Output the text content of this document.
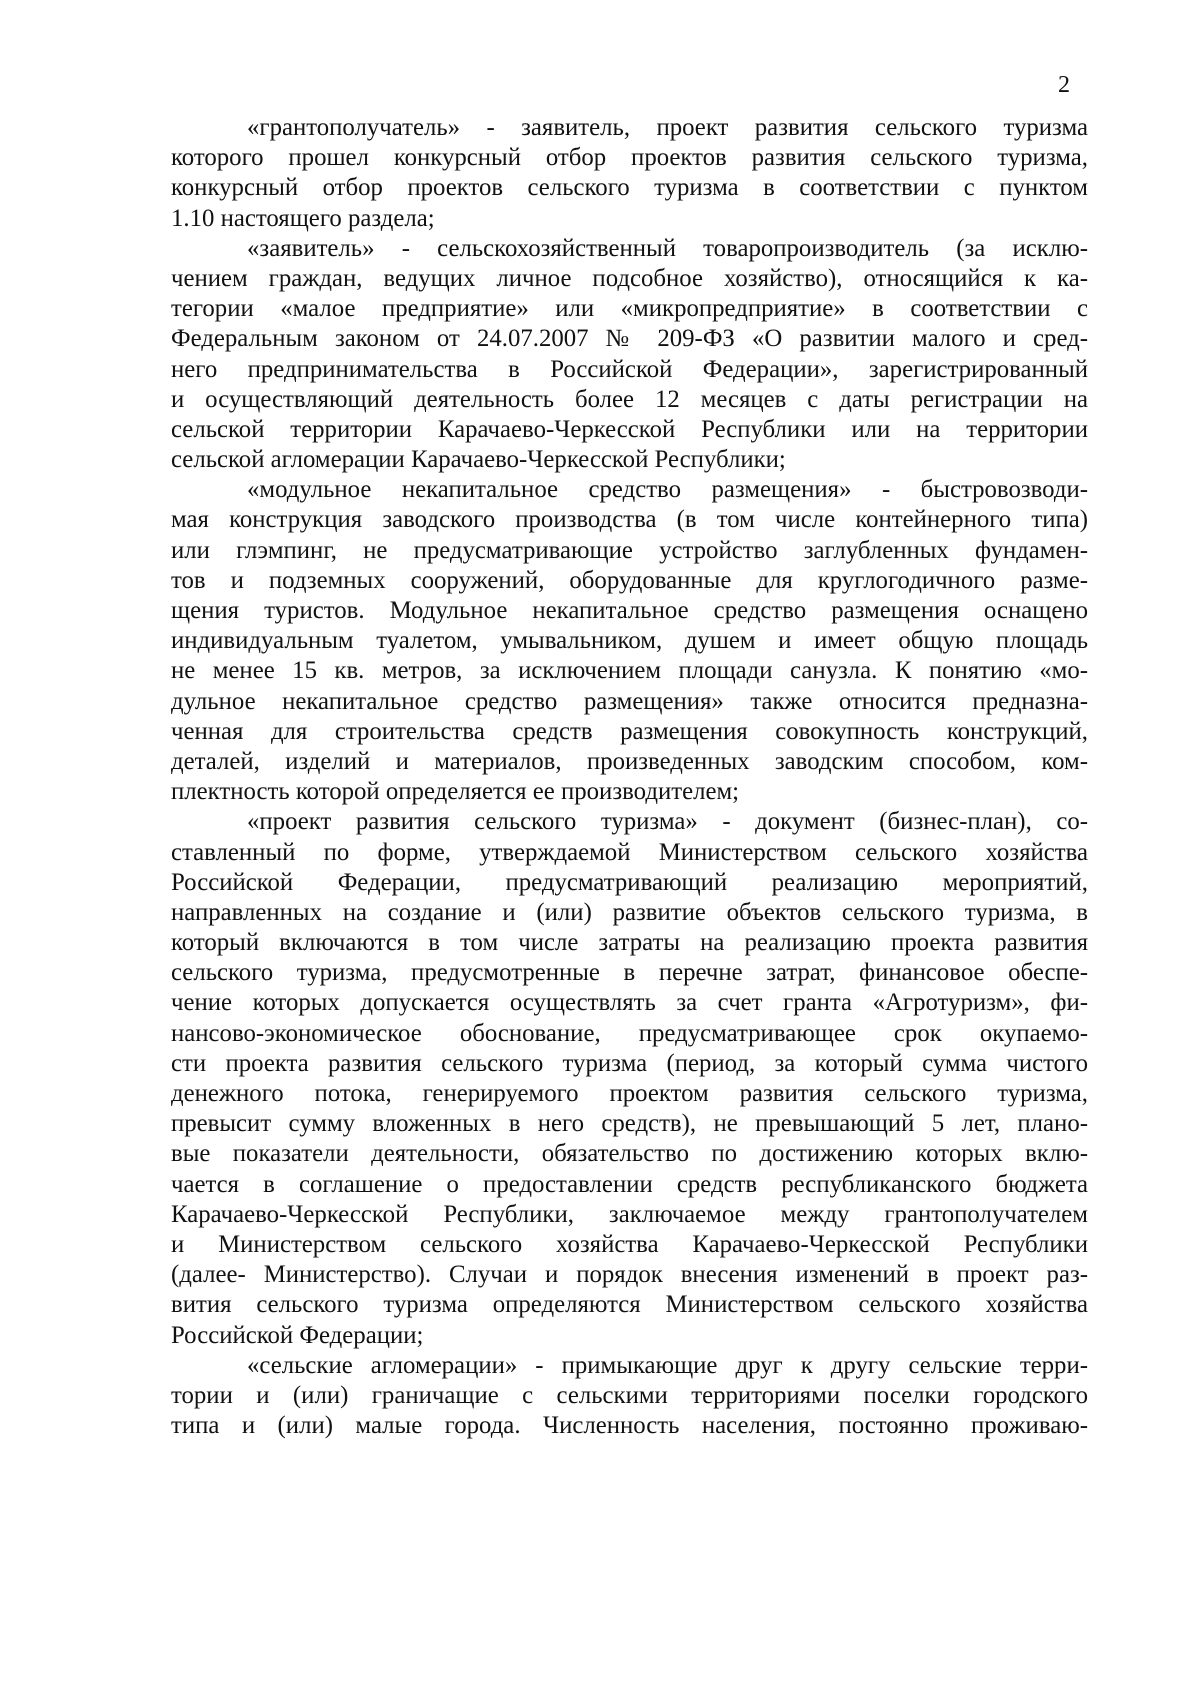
2
«грантополучатель» - заявитель, проект развития сельского туризма
которого прошел конкурсный отбор проектов развития сельского туризма,
конкурсный отбор проектов сельского туризма в соответствии с пунктом
1.10 настоящего раздела;
«заявитель» - сельскохозяйственный товаропроизводитель (за исклю-
чением граждан, ведущих личное подсобное хозяйство), относящийся к ка-
тегории «малое предприятие» или «микропредприятие» в соответствии с
Федеральным законом от 24.07.2007 № 209-ФЗ «О развитии малого и сред-
него предпринимательства в Российской Федерации», зарегистрированный
и осуществляющий деятельность более 12 месяцев с даты регистрации на
сельской территории Карачаево-Черкесской Республики или на территории
сельской агломерации Карачаево-Черкесской Республики;
«модульное некапитальное средство размещения» - быстровозводи-
мая конструкция заводского производства (в том числе контейнерного типа)
или глэмпинг, не предусматривающие устройство заглубленных фундамен-
тов и подземных сооружений, оборудованные для круглогодичного разме-
щения туристов. Модульное некапитальное средство размещения оснащено
индивидуальным туалетом, умывальником, душем и имеет общую площадь
не менее 15 кв. метров, за исключением площади санузла. К понятию «мо-
дульное некапитальное средство размещения» также относится предназна-
ченная для строительства средств размещения совокупность конструкций,
деталей, изделий и материалов, произведенных заводским способом, ком-
плектность которой определяется ее производителем;
«проект развития сельского туризма» - документ (бизнес-план), со-
ставленный по форме, утверждаемой Министерством сельского хозяйства
Российской Федерации, предусматривающий реализацию мероприятий,
направленных на создание и (или) развитие объектов сельского туризма, в
который включаются в том числе затраты на реализацию проекта развития
сельского туризма, предусмотренные в перечне затрат, финансовое обеспе-
чение которых допускается осуществлять за счет гранта «Агротуризм», фи-
нансово-экономическое обоснование, предусматривающее срок окупаемо-
сти проекта развития сельского туризма (период, за который сумма чистого
денежного потока, генерируемого проектом развития сельского туризма,
превысит сумму вложенных в него средств), не превышающий 5 лет, плано-
вые показатели деятельности, обязательство по достижению которых вклю-
чается в соглашение о предоставлении средств республиканского бюджета
Карачаево-Черкесской Республики, заключаемое между грантополучателем
и Министерством сельского хозяйства Карачаево-Черкесской Республики
(далее- Министерство). Случаи и порядок внесения изменений в проект раз-
вития сельского туризма определяются Министерством сельского хозяйства
Российской Федерации;
«сельские агломерации» - примыкающие друг к другу сельские терри-
тории и (или) граничащие с сельскими территориями поселки городского
типа и (или) малые города. Численность населения, постоянно проживаю-
